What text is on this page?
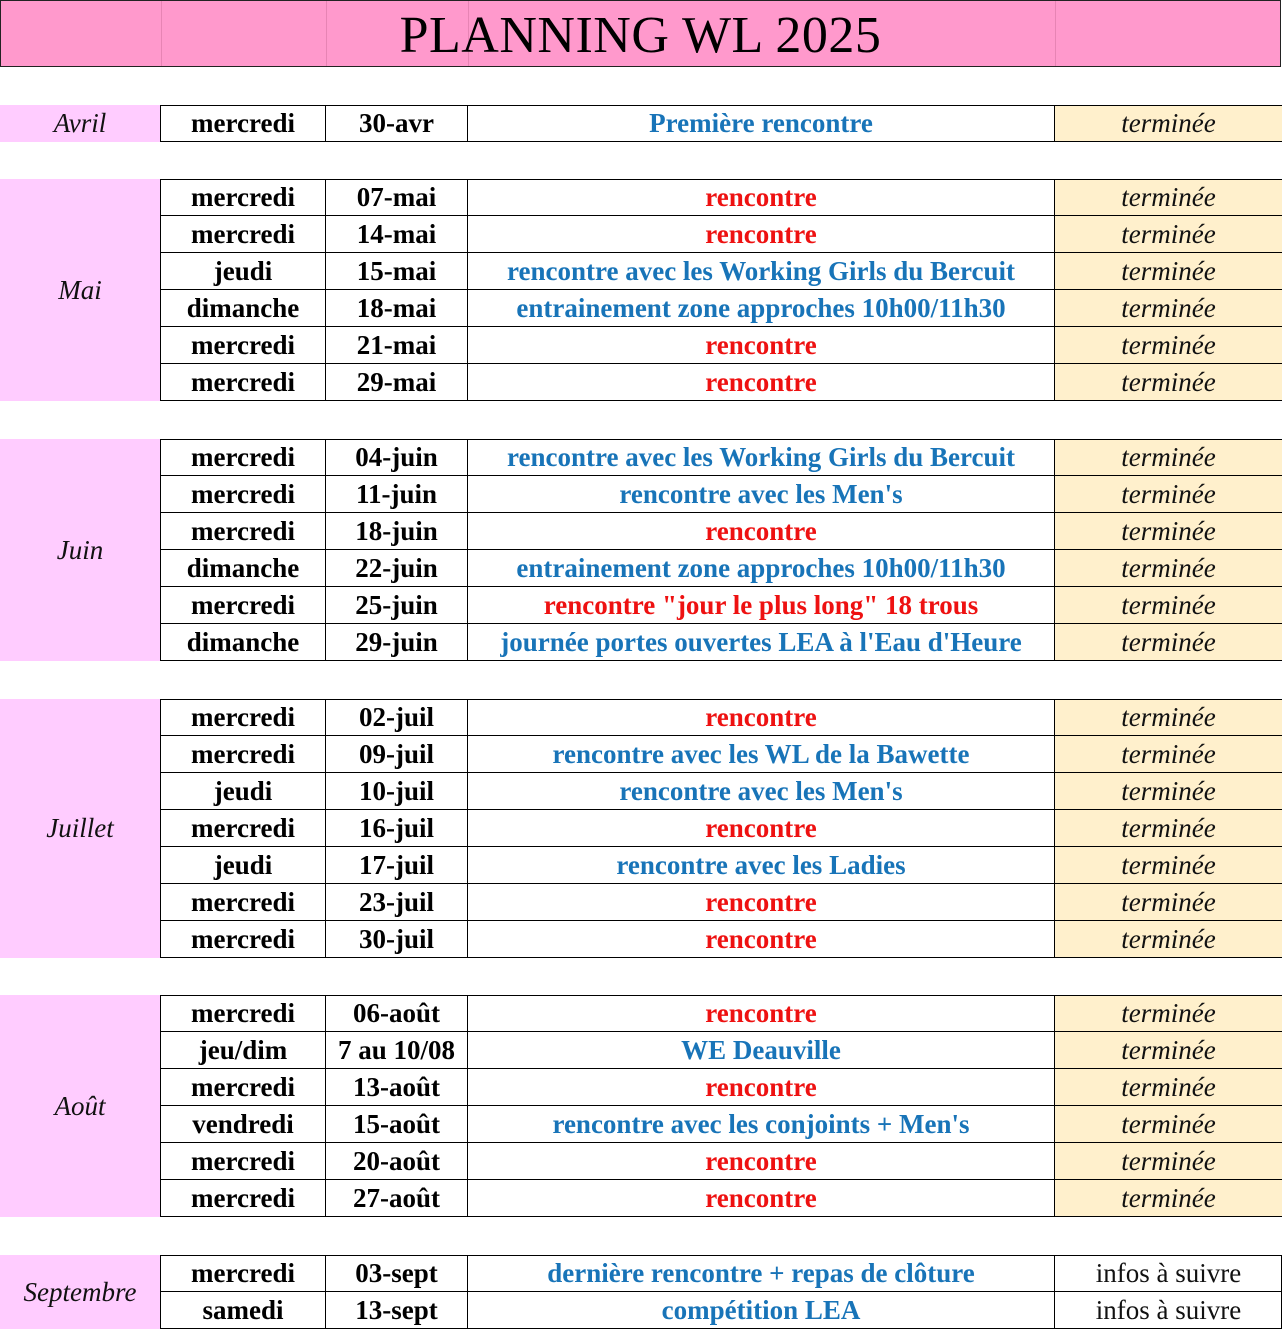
PLANNING WL 2025
Avril	mercredi	30-avr	Première rencontre	terminée
Mai
mercredi	07-mai	rencontre	terminée
mercredi	14-mai	rencontre	terminée
jeudi	15-mai	rencontre avec les Working Girls du Bercuit	terminée
dimanche	18-mai	entrainement zone approches 10h00/11h30	terminée
mercredi	21-mai	rencontre	terminée
mercredi	29-mai	rencontre	terminée
Juin
mercredi	04-juin	rencontre avec les Working Girls du Bercuit	terminée
mercredi	11-juin	rencontre avec les Men's	terminée
mercredi	18-juin	rencontre	terminée
dimanche	22-juin	entrainement zone approches 10h00/11h30	terminée
mercredi	25-juin	rencontre "jour le plus long" 18 trous	terminée
dimanche	29-juin	journée portes ouvertes LEA à l'Eau d'Heure	terminée
Juillet
mercredi	02-juil	rencontre	terminée
mercredi	09-juil	rencontre avec les WL de la Bawette	terminée
jeudi	10-juil	rencontre avec les Men's	terminée
mercredi	16-juil	rencontre	terminée
jeudi	17-juil	rencontre avec les Ladies	terminée
mercredi	23-juil	rencontre	terminée
mercredi	30-juil	rencontre	terminée
Août
mercredi	06-août	rencontre	terminée
jeu/dim	7 au 10/08	WE Deauville	terminée
mercredi	13-août	rencontre	terminée
vendredi	15-août	rencontre avec les conjoints + Men's	terminée
mercredi	20-août	rencontre	terminée
mercredi	27-août	rencontre	terminée
Septembre
mercredi	03-sept	dernière rencontre + repas de clôture	infos à suivre
samedi	13-sept	compétition LEA	infos à suivre
